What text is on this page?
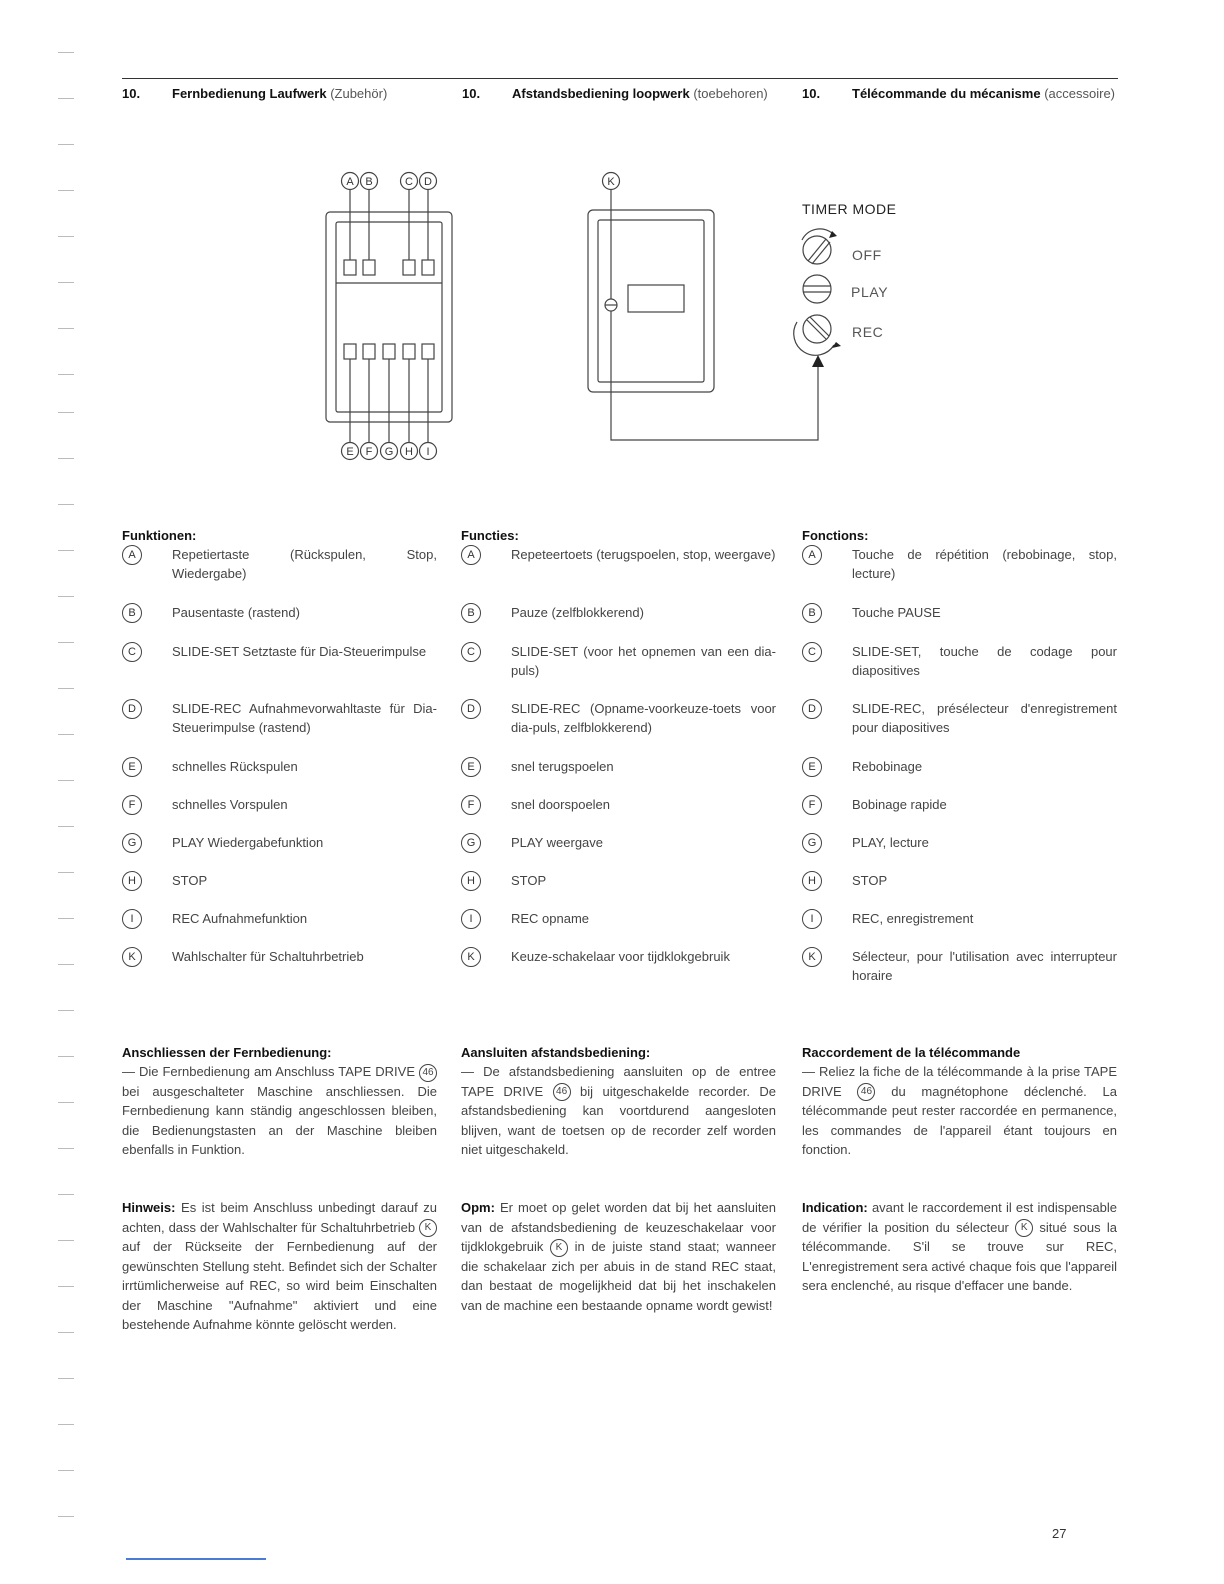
10. Fernbedienung Laufwerk (Zubehör)	10. Afstandsbediening loopwerk (toebehoren)	10. Télécommande du mécanisme (accessoire)
A B	C D
E F G H I
K
TIMER MODE
OFF
PLAY
REC
Funktionen:
A	Repetiertaste (Rückspulen, Stop, Wiedergabe)
B	Pausentaste (rastend)
C	SLIDE-SET Setztaste für Dia-Steuerimpulse
D	SLIDE-REC Aufnahmevorwahltaste für Dia-Steuerimpulse (rastend)
E	schnelles Rückspulen
F	schnelles Vorspulen
G	PLAY Wiedergabefunktion
H	STOP
I	REC Aufnahmefunktion
K	Wahlschalter für Schaltuhrbetrieb
Functies:
A	Repeteertoets (terugspoelen, stop, weergave)
B	Pauze (zelfblokkerend)
C	SLIDE-SET (voor het opnemen van een dia-puls)
D	SLIDE-REC (Opname-voorkeuze-toets voor dia-puls, zelfblokkerend)
E	snel terugspoelen
F	snel doorspoelen
G	PLAY weergave
H	STOP
I	REC opname
K	Keuze-schakelaar voor tijdklokgebruik
Fonctions:
A	Touche de répétition (rebobinage, stop, lecture)
B	Touche PAUSE
C	SLIDE-SET, touche de codage pour diapositives
D	SLIDE-REC, présélecteur d'enregistrement pour diapositives
E	Rebobinage
F	Bobinage rapide
G	PLAY, lecture
H	STOP
I	REC, enregistrement
K	Sélecteur, pour l'utilisation avec interrupteur horaire
Anschliessen der Fernbedienung:
— Die Fernbedienung am Anschluss TAPE DRIVE 46 bei ausgeschalteter Maschine anschliessen. Die Fernbedienung kann ständig angeschlossen bleiben, die Bedienungstasten an der Maschine bleiben ebenfalls in Funktion.
Aansluiten afstandsbediening:
— De afstandsbediening aansluiten op de entree TAPE DRIVE 46 bij uitgeschakelde recorder. De afstandsbediening kan voortdurend aangesloten blijven, want de toetsen op de recorder zelf worden niet uitgeschakeld.
Raccordement de la télécommande
— Reliez la fiche de la télécommande à la prise TAPE DRIVE 46 du magnétophone déclenché. La télécommande peut rester raccordée en permanence, les commandes de l'appareil étant toujours en fonction.
Hinweis: Es ist beim Anschluss unbedingt darauf zu achten, dass der Wahlschalter für Schaltuhrbetrieb K auf der Rückseite der Fernbedienung auf der gewünschten Stellung steht. Befindet sich der Schalter irrtümlicherweise auf REC, so wird beim Einschalten der Maschine "Aufnahme" aktiviert und eine bestehende Aufnahme könnte gelöscht werden.
Opm: Er moet op gelet worden dat bij het aansluiten van de afstandsbediening de keuzeschakelaar voor tijdklokgebruik K in de juiste stand staat; wanneer die schakelaar zich per abuis in de stand REC staat, dan bestaat de mogelijkheid dat bij het inschakelen van de machine een bestaande opname wordt gewist!
Indication: avant le raccordement il est indispensable de vérifier la position du sélecteur K situé sous la télécommande. S'il se trouve sur REC, L'enregistrement sera activé chaque fois que l'appareil sera enclenché, au risque d'effacer une bande.
27
